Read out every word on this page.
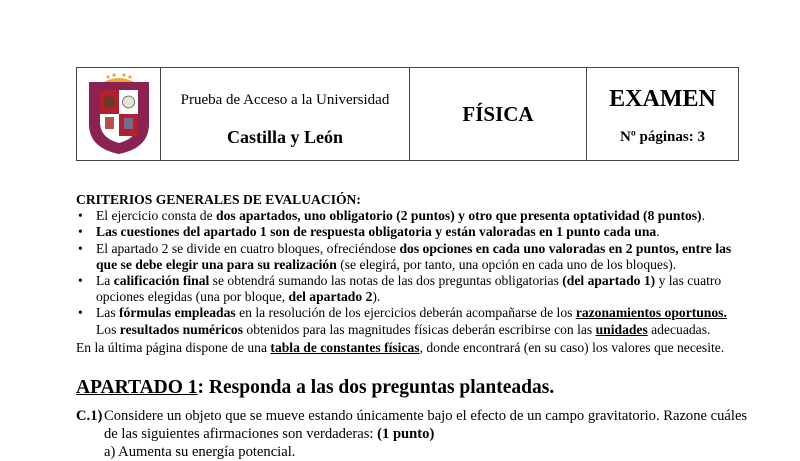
Prueba de Acceso a la Universidad
Castilla y León
FÍSICA
EXAMEN
Nº páginas: 3
CRITERIOS GENERALES DE EVALUACIÓN:
• El ejercicio consta de dos apartados, uno obligatorio (2 puntos) y otro que presenta optatividad (8 puntos).
• Las cuestiones del apartado 1 son de respuesta obligatoria y están valoradas en 1 punto cada una.
• El apartado 2 se divide en cuatro bloques, ofreciéndose dos opciones en cada uno valoradas en 2 puntos, entre las que se debe elegir una para su realización (se elegirá, por tanto, una opción en cada uno de los bloques).
• La calificación final se obtendrá sumando las notas de las dos preguntas obligatorias (del apartado 1) y las cuatro opciones elegidas (una por bloque, del apartado 2).
• Las fórmulas empleadas en la resolución de los ejercicios deberán acompañarse de los razonamientos oportunos. Los resultados numéricos obtenidos para las magnitudes físicas deberán escribirse con las unidades adecuadas.
En la última página dispone de una tabla de constantes físicas, donde encontrará (en su caso) los valores que necesite.
APARTADO 1: Responda a las dos preguntas planteadas.
C.1) Considere un objeto que se mueve estando únicamente bajo el efecto de un campo gravitatorio. Razone cuáles de las siguientes afirmaciones son verdaderas: (1 punto)
a) Aumenta su energía potencial.
